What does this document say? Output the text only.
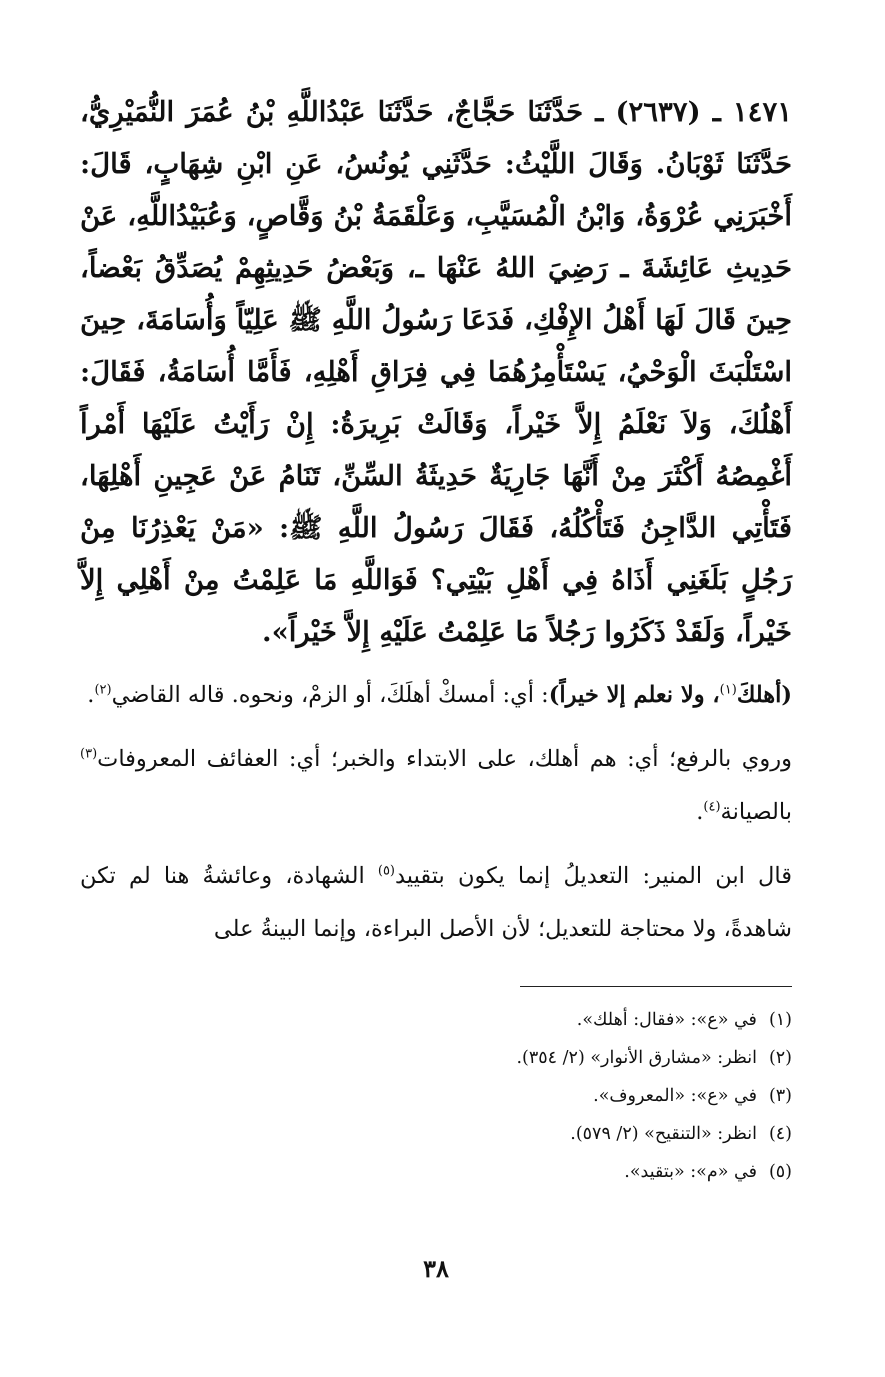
١٤٧١ ـ (٢٦٣٧) ـ حَدَّثَنَا حَجَّاجٌ، حَدَّثَنَا عَبْدُاللَّهِ بْنُ عُمَرَ النُّمَيْرِيُّ، حَدَّثَنَا ثَوْبَانُ. وَقَالَ اللَّيْثُ: حَدَّثَنِي يُونُسُ، عَنِ ابْنِ شِهَابٍ، قَالَ: أَخْبَرَنِي عُرْوَةُ، وَابْنُ الْمُسَيَّبِ، وَعَلْقَمَةُ بْنُ وَقَّاصٍ، وَعُبَيْدُاللَّهِ، عَنْ حَدِيثِ عَائِشَةَ ـ رَضِيَ اللهُ عَنْهَا ـ، وَبَعْضُ حَدِيثِهِمْ يُصَدِّقُ بَعْضاً، حِينَ قَالَ لَهَا أَهْلُ الإِفْكِ، فَدَعَا رَسُولُ اللَّهِ ﷺ عَلِيّاً وَأُسَامَةَ، حِينَ اسْتَلْبَثَ الْوَحْيُ، يَسْتَأْمِرُهُمَا فِي فِرَاقِ أَهْلِهِ، فَأَمَّا أُسَامَةُ، فَقَالَ: أَهْلُكَ، وَلاَ نَعْلَمُ إِلاَّ خَيْراً، وَقَالَتْ بَرِيرَةُ: إِنْ رَأَيْتُ عَلَيْهَا أَمْراً أَغْمِصُهُ أَكْثَرَ مِنْ أَنَّهَا جَارِيَةٌ حَدِيثَةُ السِّنِّ، تَنَامُ عَنْ عَجِينِ أَهْلِهَا، فَتَأْتِي الدَّاجِنُ فَتَأْكُلُهُ، فَقَالَ رَسُولُ اللَّهِ ﷺ: «مَنْ يَعْذِرُنَا مِنْ رَجُلٍ بَلَغَنِي أَذَاهُ فِي أَهْلِ بَيْتِي؟ فَوَاللَّهِ مَا عَلِمْتُ مِنْ أَهْلِي إِلاَّ خَيْراً، وَلَقَدْ ذَكَرُوا رَجُلاً مَا عَلِمْتُ عَلَيْهِ إِلاَّ خَيْراً».

(أهلكَ$^{(١)}$، ولا نعلم إلا خيراً): أي: أمسكْ أهلَكَ، أو الزمْ، ونحوه. قاله القاضي$^{(٢)}$.

وروي بالرفع؛ أي: هم أهلك، على الابتداء والخبر؛ أي: العفائف المعروفات$^{(٣)}$ بالصيانة$^{(٤)}$.

قال ابن المنير: التعديلُ إنما يكون بتقييد$^{(٥)}$ الشهادة، وعائشةُ هنا لم تكن شاهدةً، ولا محتاجة للتعديل؛ لأن الأصل البراءة، وإنما البينةُ على

(١)في «ع»: «فقال: أهلك».
(٢)انظر: «مشارق الأنوار» (٢/ ٣٥٤).
(٣)في «ع»: «المعروف».
(٤)انظر: «التنقيح» (٢/ ٥٧٩).
(٥)في «م»: «بتقيد».
٣٨
